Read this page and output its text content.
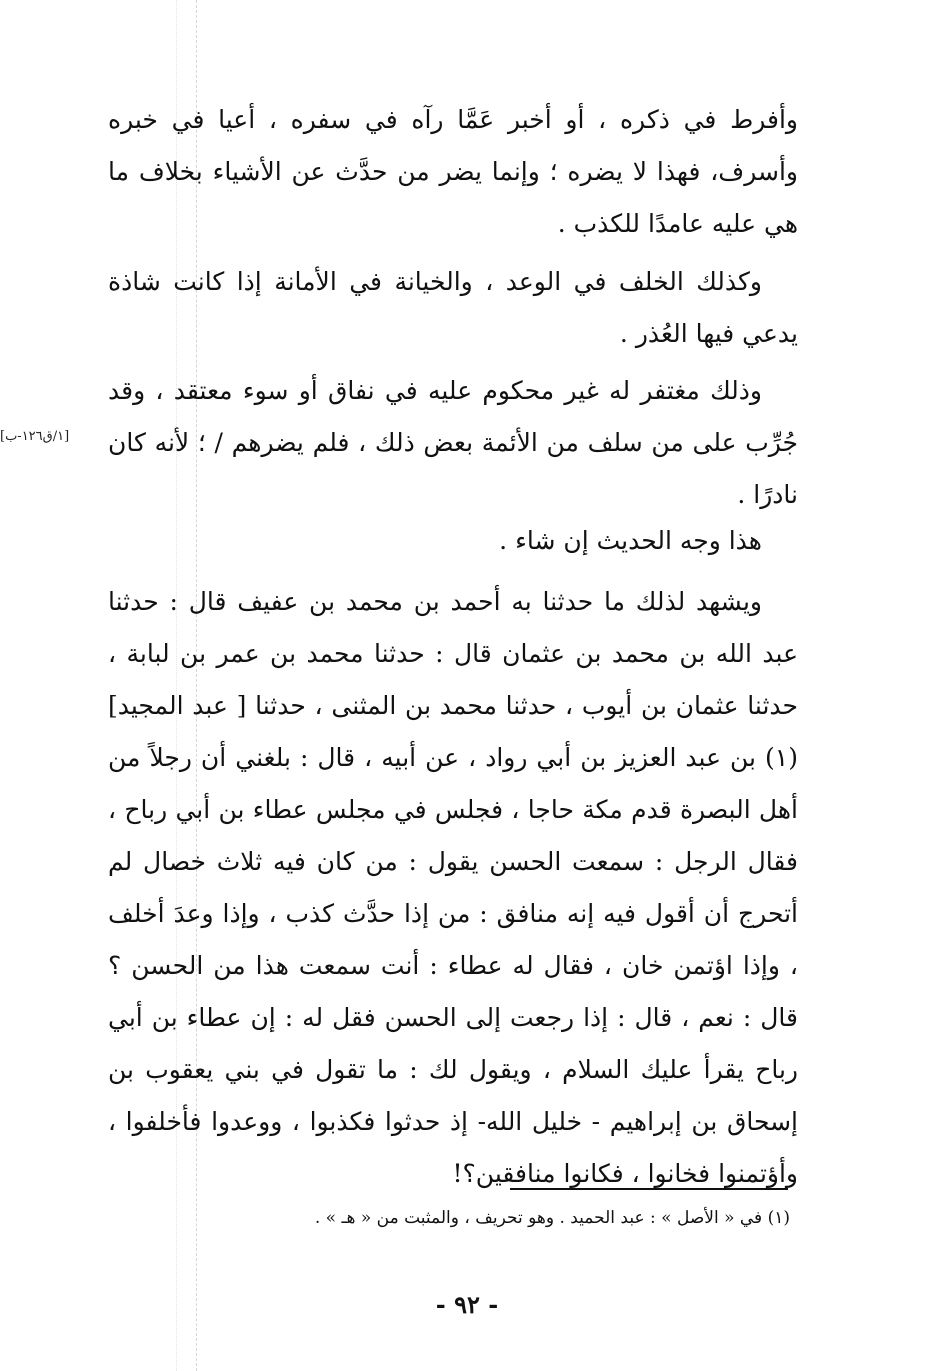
وأفرط في ذكره ، أو أخبر عَمَّا رآه في سفره ، أعيا في خبره وأسرف، فهذا لا يضره ؛ وإنما يضر من حدَّث عن الأشياء بخلاف ما هي عليه عامدًا للكذب .

وكذلك الخلف في الوعد ، والخيانة في الأمانة إذا كانت شاذة يدعي فيها العُذر .

وذلك مغتفر له غير محكوم عليه في نفاق أو سوء معتقد ، وقد جُرِّب على من سلف من الأئمة بعض ذلك ، فلم يضرهم / ؛ لأنه كان نادرًا .

هذا وجه الحديث إن شاء .

ويشهد لذلك ما حدثنا به أحمد بن محمد بن عفيف قال : حدثنا عبد الله بن محمد بن عثمان قال : حدثنا محمد بن عمر بن لبابة ، حدثنا عثمان بن أيوب ، حدثنا محمد بن المثنى ، حدثنا [ عبد المجيد](١) بن عبد العزيز بن أبي رواد ، عن أبيه ، قال : بلغني أن رجلاً من أهل البصرة قدم مكة حاجا ، فجلس في مجلس عطاء بن أبي رباح ، فقال الرجل : سمعت الحسن يقول : من كان فيه ثلاث خصال لم أتحرج أن أقول فيه إنه منافق : من إذا حدَّث كذب ، وإذا وعدَ أخلف ، وإذا اؤتمن خان ، فقال له عطاء : أنت سمعت هذا من الحسن ؟ قال : نعم ، قال : إذا رجعت إلى الحسن فقل له : إن عطاء بن أبي رباح يقرأ عليك السلام ، ويقول لك : ما تقول في بني يعقوب بن إسحاق بن إبراهيم - خليل الله- إذ حدثوا فكذبوا ، ووعدوا فأخلفوا ، وأؤتمنوا فخانوا ، فكانوا منافقين؟!

[١/ق١٢٦-ب]
(١) في « الأصل » : عبد الحميد . وهو تحريف ، والمثبت من « هـ » .
- ٩٢ -
